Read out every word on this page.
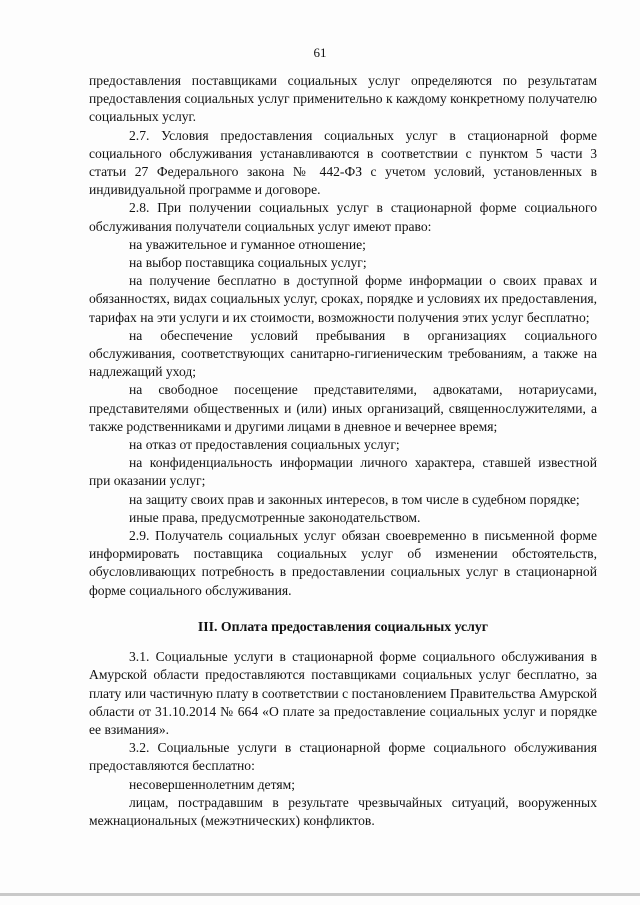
61

предоставления поставщиками социальных услуг определяются по результатам предоставления социальных услуг применительно к каждому конкретному получателю социальных услуг.

2.7. Условия предоставления социальных услуг в стационарной форме социального обслуживания устанавливаются в соответствии с пунктом 5 части 3 статьи 27 Федерального закона № 442-ФЗ с учетом условий, установленных в индивидуальной программе и договоре.

2.8. При получении социальных услуг в стационарной форме социального обслуживания получатели социальных услуг имеют право:

на уважительное и гуманное отношение;

на выбор поставщика социальных услуг;

на получение бесплатно в доступной форме информации о своих правах и обязанностях, видах социальных услуг, сроках, порядке и условиях их предоставления, тарифах на эти услуги и их стоимости, возможности получения этих услуг бесплатно;

на обеспечение условий пребывания в организациях социального обслуживания, соответствующих санитарно-гигиеническим требованиям, а также на надлежащий уход;

на свободное посещение представителями, адвокатами, нотариусами, представителями общественных и (или) иных организаций, священнослужителями, а также родственниками и другими лицами в дневное и вечернее время;

на отказ от предоставления социальных услуг;

на конфиденциальность информации личного характера, ставшей известной при оказании услуг;

на защиту своих прав и законных интересов, в том числе в судебном порядке;

иные права, предусмотренные законодательством.

2.9. Получатель социальных услуг обязан своевременно в письменной форме информировать поставщика социальных услуг об изменении обстоятельств, обусловливающих потребность в предоставлении социальных услуг в стационарной форме социального обслуживания.

III. Оплата предоставления социальных услуг

3.1. Социальные услуги в стационарной форме социального обслуживания в Амурской области предоставляются поставщиками социальных услуг бесплатно, за плату или частичную плату в соответствии с постановлением Правительства Амурской области от 31.10.2014 № 664 «О плате за предоставление социальных услуг и порядке ее взимания».

3.2. Социальные услуги в стационарной форме социального обслуживания предоставляются бесплатно:

несовершеннолетним детям;

лицам, пострадавшим в результате чрезвычайных ситуаций, вооруженных межнациональных (межэтнических) конфликтов.
